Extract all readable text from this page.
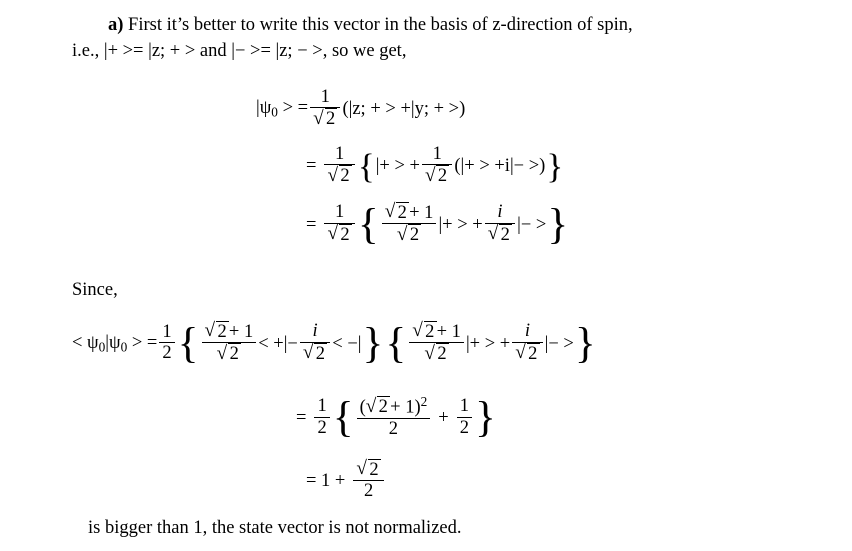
a) First it’s better to write this vector in the basis of z-direction of spin,
i.e., |+ >= |z; + > and |− >= |z; − >, so we get,
$|\psi_0$ > = 1
√ 2 (|z; + > +|y; + >)
= 1
√ 2 { |+ > + 1
√ 2 (|+ > +i|− >) }
= 1
√ 2 { √ 2 + 1
√ 2 |+ > + i
√ 2 |− > }
Since,
< $\psi_0|\psi_0$ > = $\frac{1}{2}$ { √ 2 + 1
√ 2 < +|− i
√ 2 < −| } { √ 2 + 1
√ 2 |+ > + i
√ 2 |− > }
= $\frac{1}{2}$ { $\frac{( √ 2 + 1)^2}{2} + \frac{1}{2}$ }
= 1 + √ $\frac{2}{2}$
is bigger than 1, the state vector is not normalized.
